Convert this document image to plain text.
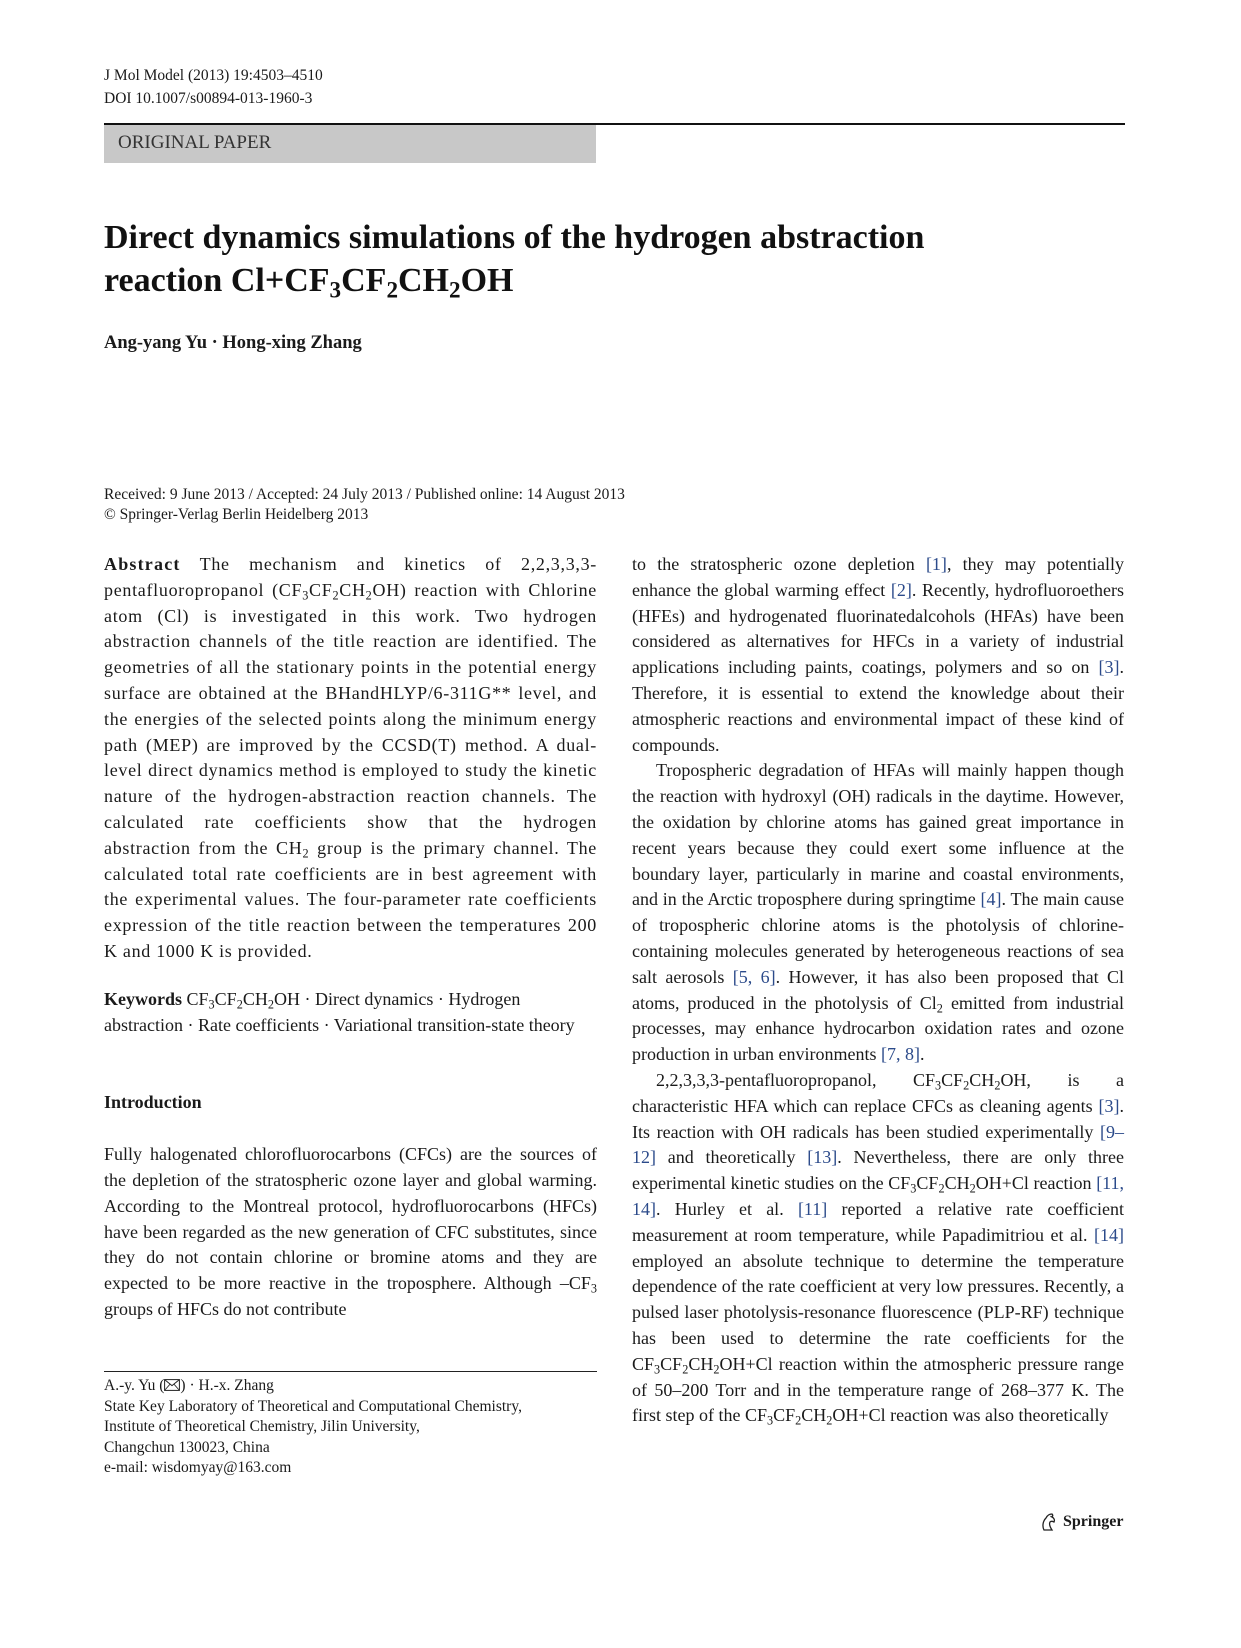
J Mol Model (2013) 19:4503–4510
DOI 10.1007/s00894-013-1960-3
ORIGINAL PAPER
Direct dynamics simulations of the hydrogen abstraction
reaction $Cl+CF_3CF_2CH_2OH$
Ang-yang Yu · Hong-xing Zhang
Received: 9 June 2013 / Accepted: 24 July 2013 / Published online: 14 August 2013
© Springer-Verlag Berlin Heidelberg 2013

Abstract The mechanism and kinetics of 2,2,3,3,3-pentafluoropropanol $(CF_3CF_2CH_2OH)$ reaction with Chlorine atom (Cl) is investigated in this work. Two hydrogen abstraction channels of the title reaction are identified. The geometries of all the stationary points in the potential energy surface are obtained at the BHandHLYP/6-311G** level, and the energies of the selected points along the minimum energy path (MEP) are improved by the CCSD(T) method. A dual-level direct dynamics method is employed to study the kinetic nature of the hydrogen-abstraction reaction channels. The calculated rate coefficients show that the hydrogen abstraction from the $CH_2$ group is the primary channel. The calculated total rate coefficients are in best agreement with the experimental values. The four-parameter rate coefficients expression of the title reaction between the temperatures 200 K and 1000 K is provided.

Keywords $CF_3CF_2CH_2OH$ · Direct dynamics · Hydrogen abstraction · Rate coefficients · Variational transition-state theory

Introduction

Fully halogenated chlorofluorocarbons (CFCs) are the sources of the depletion of the stratospheric ozone layer and global warming. According to the Montreal protocol, hydrofluorocarbons (HFCs) have been regarded as the new generation of CFC substitutes, since they do not contain chlorine or bromine atoms and they are expected to be more reactive in the troposphere. Although $-CF_3$ groups of HFCs do not contribute

to the stratospheric ozone depletion [1], they may potentially enhance the global warming effect [2]. Recently, hydrofluoroethers (HFEs) and hydrogenated fluorinatedalcohols (HFAs) have been considered as alternatives for HFCs in a variety of industrial applications including paints, coatings, polymers and so on [3]. Therefore, it is essential to extend the knowledge about their atmospheric reactions and environmental impact of these kind of compounds.

Tropospheric degradation of HFAs will mainly happen though the reaction with hydroxyl (OH) radicals in the daytime. However, the oxidation by chlorine atoms has gained great importance in recent years because they could exert some influence at the boundary layer, particularly in marine and coastal environments, and in the Arctic troposphere during springtime [4]. The main cause of tropospheric chlorine atoms is the photolysis of chlorine-containing molecules generated by heterogeneous reactions of sea salt aerosols [5, 6]. However, it has also been proposed that Cl atoms, produced in the photolysis of $Cl_2$ emitted from industrial processes, may enhance hydrocarbon oxidation rates and ozone production in urban environments [7, 8].

2,2,3,3,3-pentafluoropropanol, $CF_3CF_2CH_2OH$, is a characteristic HFA which can replace CFCs as cleaning agents [3]. Its reaction with OH radicals has been studied experimentally [9–12] and theoretically [13]. Nevertheless, there are only three experimental kinetic studies on the $CF_3CF_2CH_2OH+Cl$ reaction [11, 14]. Hurley et al. [11] reported a relative rate coefficient measurement at room temperature, while Papadimitriou et al. [14] employed an absolute technique to determine the temperature dependence of the rate coefficient at very low pressures. Recently, a pulsed laser photolysis-resonance fluorescence (PLP-RF) technique has been used to determine the rate coefficients for the $CF_3CF_2CH_2OH+Cl$ reaction within the atmospheric pressure range of 50–200 Torr and in the temperature range of 268–377 K. The first step of the $CF_3CF_2CH_2OH+Cl$ reaction was also theoretically

A.-y. Yu ( ) · H.-x. Zhang
State Key Laboratory of Theoretical and Computational Chemistry,
Institute of Theoretical Chemistry, Jilin University,
Changchun 130023, China
e-mail: wisdomyay@163.com
Springer
